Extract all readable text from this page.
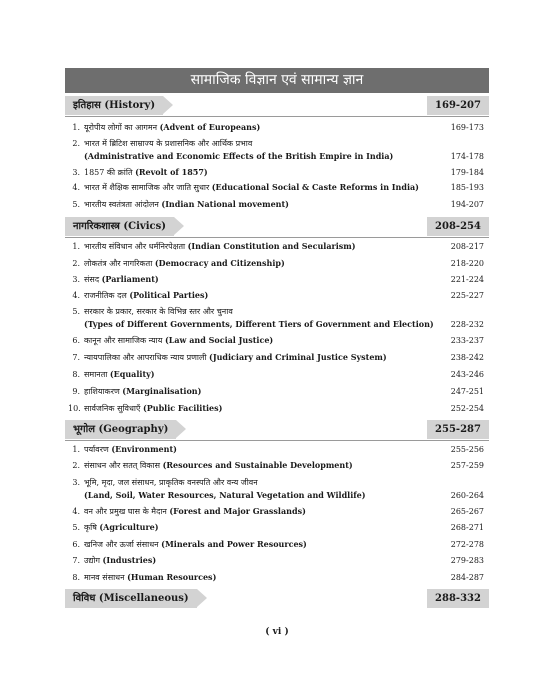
सामाजिक विज्ञान एवं सामान्य ज्ञान
इतिहास (History)	169-207
1. यूरोपीय लोगों का आगमन (Advent of Europeans)	169-173
2. भारत में ब्रिटिश साम्राज्य के प्रशासनिक और आर्थिक प्रभाव
(Administrative and Economic Effects of the British Empire in India)	174-178
3. 1857 की क्रांति (Revolt of 1857)	179-184
4. भारत में शैक्षिक सामाजिक और जाति सुधार (Educational Social & Caste Reforms in India)	185-193
5. भारतीय स्वतंत्रता आंदोलन (Indian National movement)	194-207
नागरिकशास्त्र (Civics)	208-254
1. भारतीय संविधान और धर्मनिरपेक्षता (Indian Constitution and Secularism)	208-217
2. लोकतंत्र और नागरिकता (Democracy and Citizenship)	218-220
3. संसद (Parliament)	221-224
4. राजनीतिक दल (Political Parties)	225-227
5. सरकार के प्रकार, सरकार के विभिन्न स्तर और चुनाव
(Types of Different Governments, Different Tiers of Government and Election)	228-232
6. कानून और सामाजिक न्याय (Law and Social Justice)	233-237
7. न्यायपालिका और आपराधिक न्याय प्रणाली (Judiciary and Criminal Justice System)	238-242
8. समानता (Equality)	243-246
9. हाशियाकरण (Marginalisation)	247-251
10. सार्वजनिक सुविधाएँ (Public Facilities)	252-254
भूगोल (Geography)	255-287
1. पर्यावरण (Environment)	255-256
2. संसाधन और सतत् विकास (Resources and Sustainable Development)	257-259
3. भूमि, मृदा, जल संसाधन, प्राकृतिक वनस्पति और वन्य जीवन
(Land, Soil, Water Resources, Natural Vegetation and Wildlife)	260-264
4. वन और प्रमुख घास के मैदान (Forest and Major Grasslands)	265-267
5. कृषि (Agriculture)	268-271
6. खनिज और ऊर्जा संसाधन (Minerals and Power Resources)	272-278
7. उद्योग (Industries)	279-283
8. मानव संसाधन (Human Resources)	284-287
विविध (Miscellaneous)	288-332
( vi )
